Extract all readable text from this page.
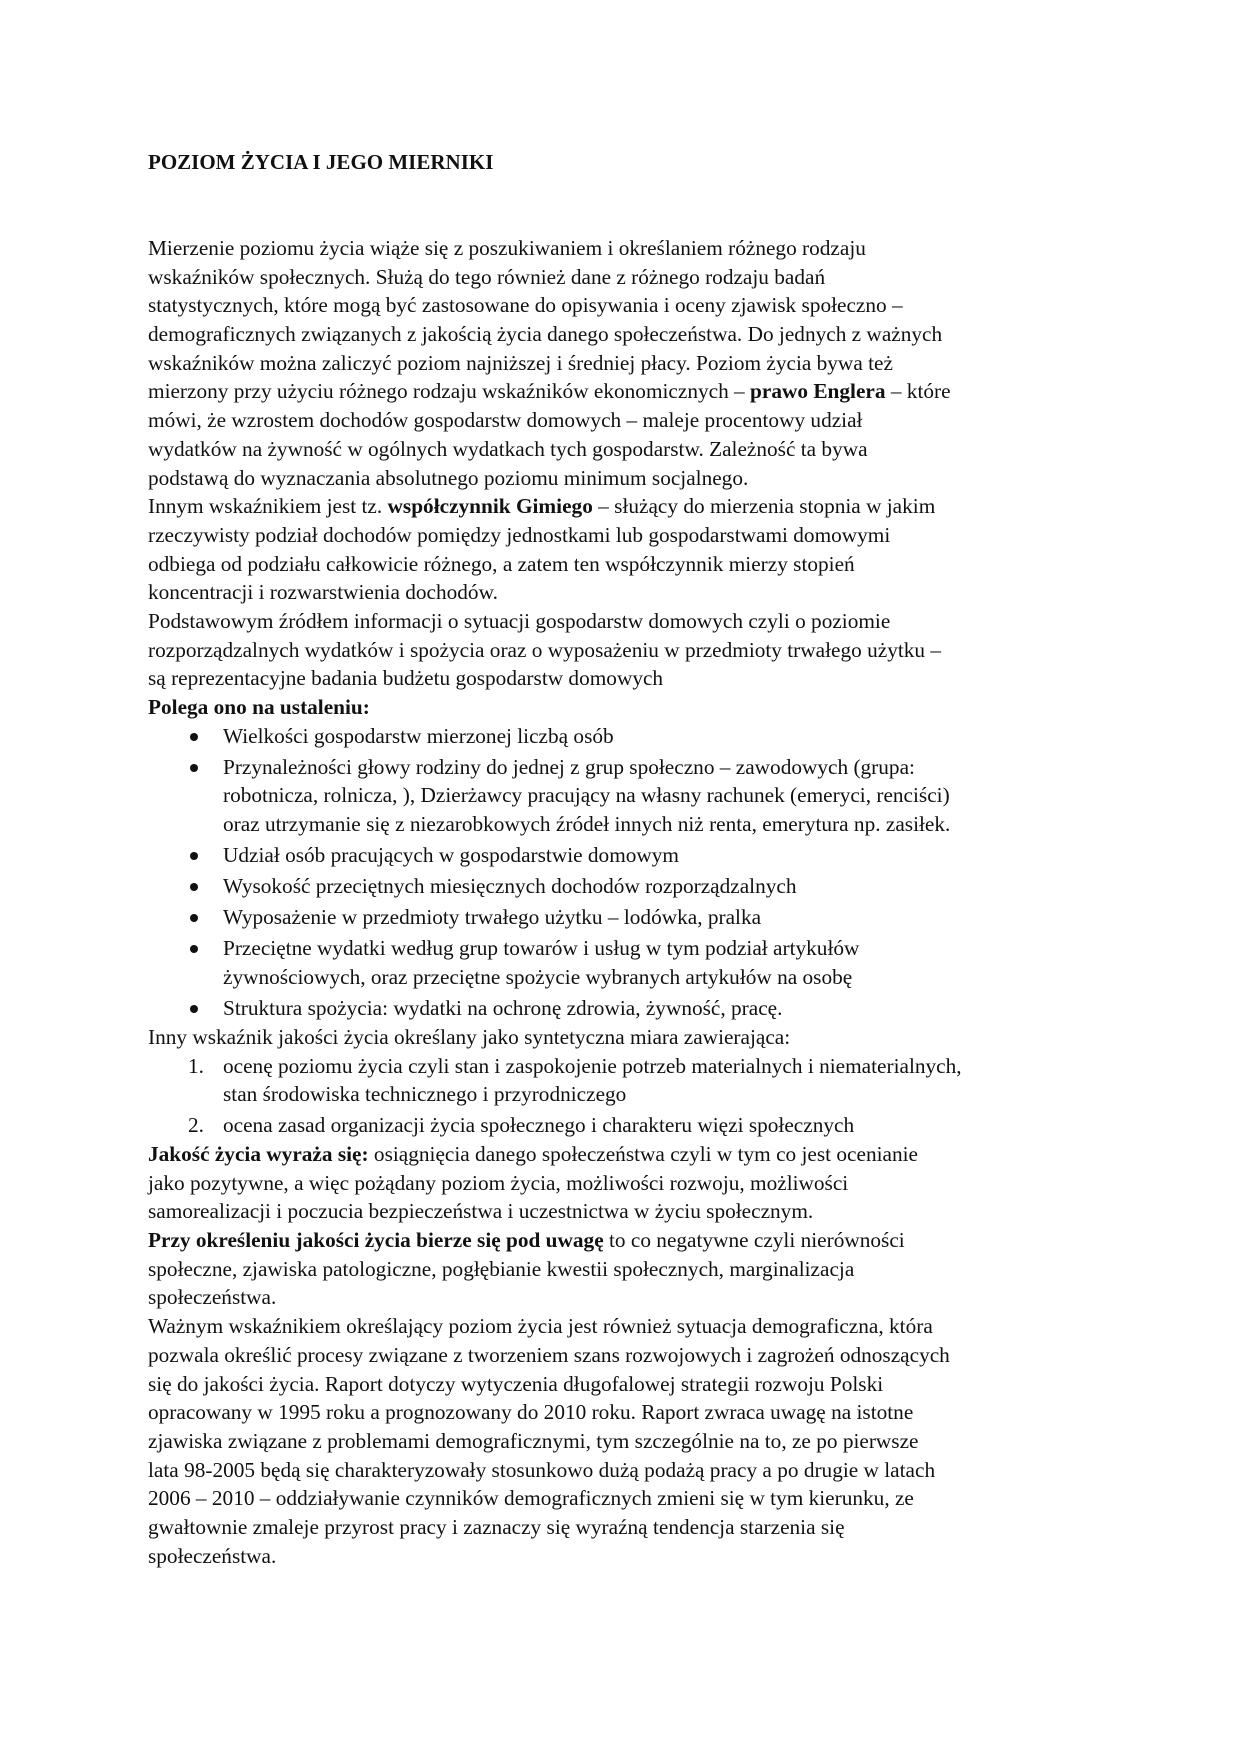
POZIOM ŻYCIA I JEGO MIERNIKI
Mierzenie poziomu życia wiąże się z poszukiwaniem i określaniem różnego rodzaju
wskaźników społecznych. Służą do tego również dane z różnego rodzaju badań
statystycznych, które mogą być zastosowane do opisywania i oceny zjawisk społeczno –
demograficznych związanych z jakością życia danego społeczeństwa. Do jednych z ważnych
wskaźników można zaliczyć poziom najniższej i średniej płacy. Poziom życia bywa też
mierzony przy użyciu różnego rodzaju wskaźników ekonomicznych – prawo Englera – które
mówi, że wzrostem dochodów gospodarstw domowych – maleje procentowy udział
wydatków na żywność w ogólnych wydatkach tych gospodarstw. Zależność ta bywa
podstawą do wyznaczania absolutnego poziomu minimum socjalnego.
Innym wskaźnikiem jest tz. współczynnik Gimiego – służący do mierzenia stopnia w jakim
rzeczywisty podział dochodów pomiędzy jednostkami lub gospodarstwami domowymi
odbiega od podziału całkowicie różnego, a zatem ten współczynnik mierzy stopień
koncentracji i rozwarstwienia dochodów.
Podstawowym źródłem informacji o sytuacji gospodarstw domowych czyli o poziomie
rozporządzalnych wydatków i spożycia oraz o wyposażeniu w przedmioty trwałego użytku –
są reprezentacyjne badania budżetu gospodarstw domowych
Polega ono na ustaleniu:
Wielkości gospodarstw mierzonej liczbą osób
Przynależności głowy rodziny do jednej z grup społeczno – zawodowych (grupa:
robotnicza, rolnicza, ), Dzierżawcy pracujący na własny rachunek (emeryci, renciści)
oraz utrzymanie się z niezarobkowych źródeł innych niż renta, emerytura np. zasiłek.
Udział osób pracujących w gospodarstwie domowym
Wysokość przeciętnych miesięcznych dochodów rozporządzalnych
Wyposażenie w przedmioty trwałego użytku – lodówka, pralka
Przeciętne wydatki według grup towarów i usług w tym podział artykułów
żywnościowych, oraz przeciętne spożycie wybranych artykułów na osobę
Struktura spożycia: wydatki na ochronę zdrowia, żywność, pracę.
Inny wskaźnik jakości życia określany jako syntetyczna miara zawierająca:
1. ocenę poziomu życia czyli stan i zaspokojenie potrzeb materialnych i niematerialnych,
stan środowiska technicznego i przyrodniczego
2. ocena zasad organizacji życia społecznego i charakteru więzi społecznych
Jakość życia wyraża się: osiągnięcia danego społeczeństwa czyli w tym co jest ocenianie
jako pozytywne, a więc pożądany poziom życia, możliwości rozwoju, możliwości
samorealizacji i poczucia bezpieczeństwa i uczestnictwa w życiu społecznym.
Przy określeniu jakości życia bierze się pod uwagę to co negatywne czyli nierówności
społeczne, zjawiska patologiczne, pogłębianie kwestii społecznych, marginalizacja
społeczeństwa.
Ważnym wskaźnikiem określający poziom życia jest również sytuacja demograficzna, która
pozwala określić procesy związane z tworzeniem szans rozwojowych i zagrożeń odnoszących
się do jakości życia. Raport dotyczy wytyczenia długofalowej strategii rozwoju Polski
opracowany w 1995 roku a prognozowany do 2010 roku. Raport zwraca uwagę na istotne
zjawiska związane z problemami demograficznymi, tym szczególnie na to, ze po pierwsze
lata 98-2005 będą się charakteryzowały stosunkowo dużą podażą pracy a po drugie w latach
2006 – 2010 – oddziaływanie czynników demograficznych zmieni się w tym kierunku, ze
gwałtownie zmaleje przyrost pracy i zaznaczy się wyraźną tendencja starzenia się
społeczeństwa.
